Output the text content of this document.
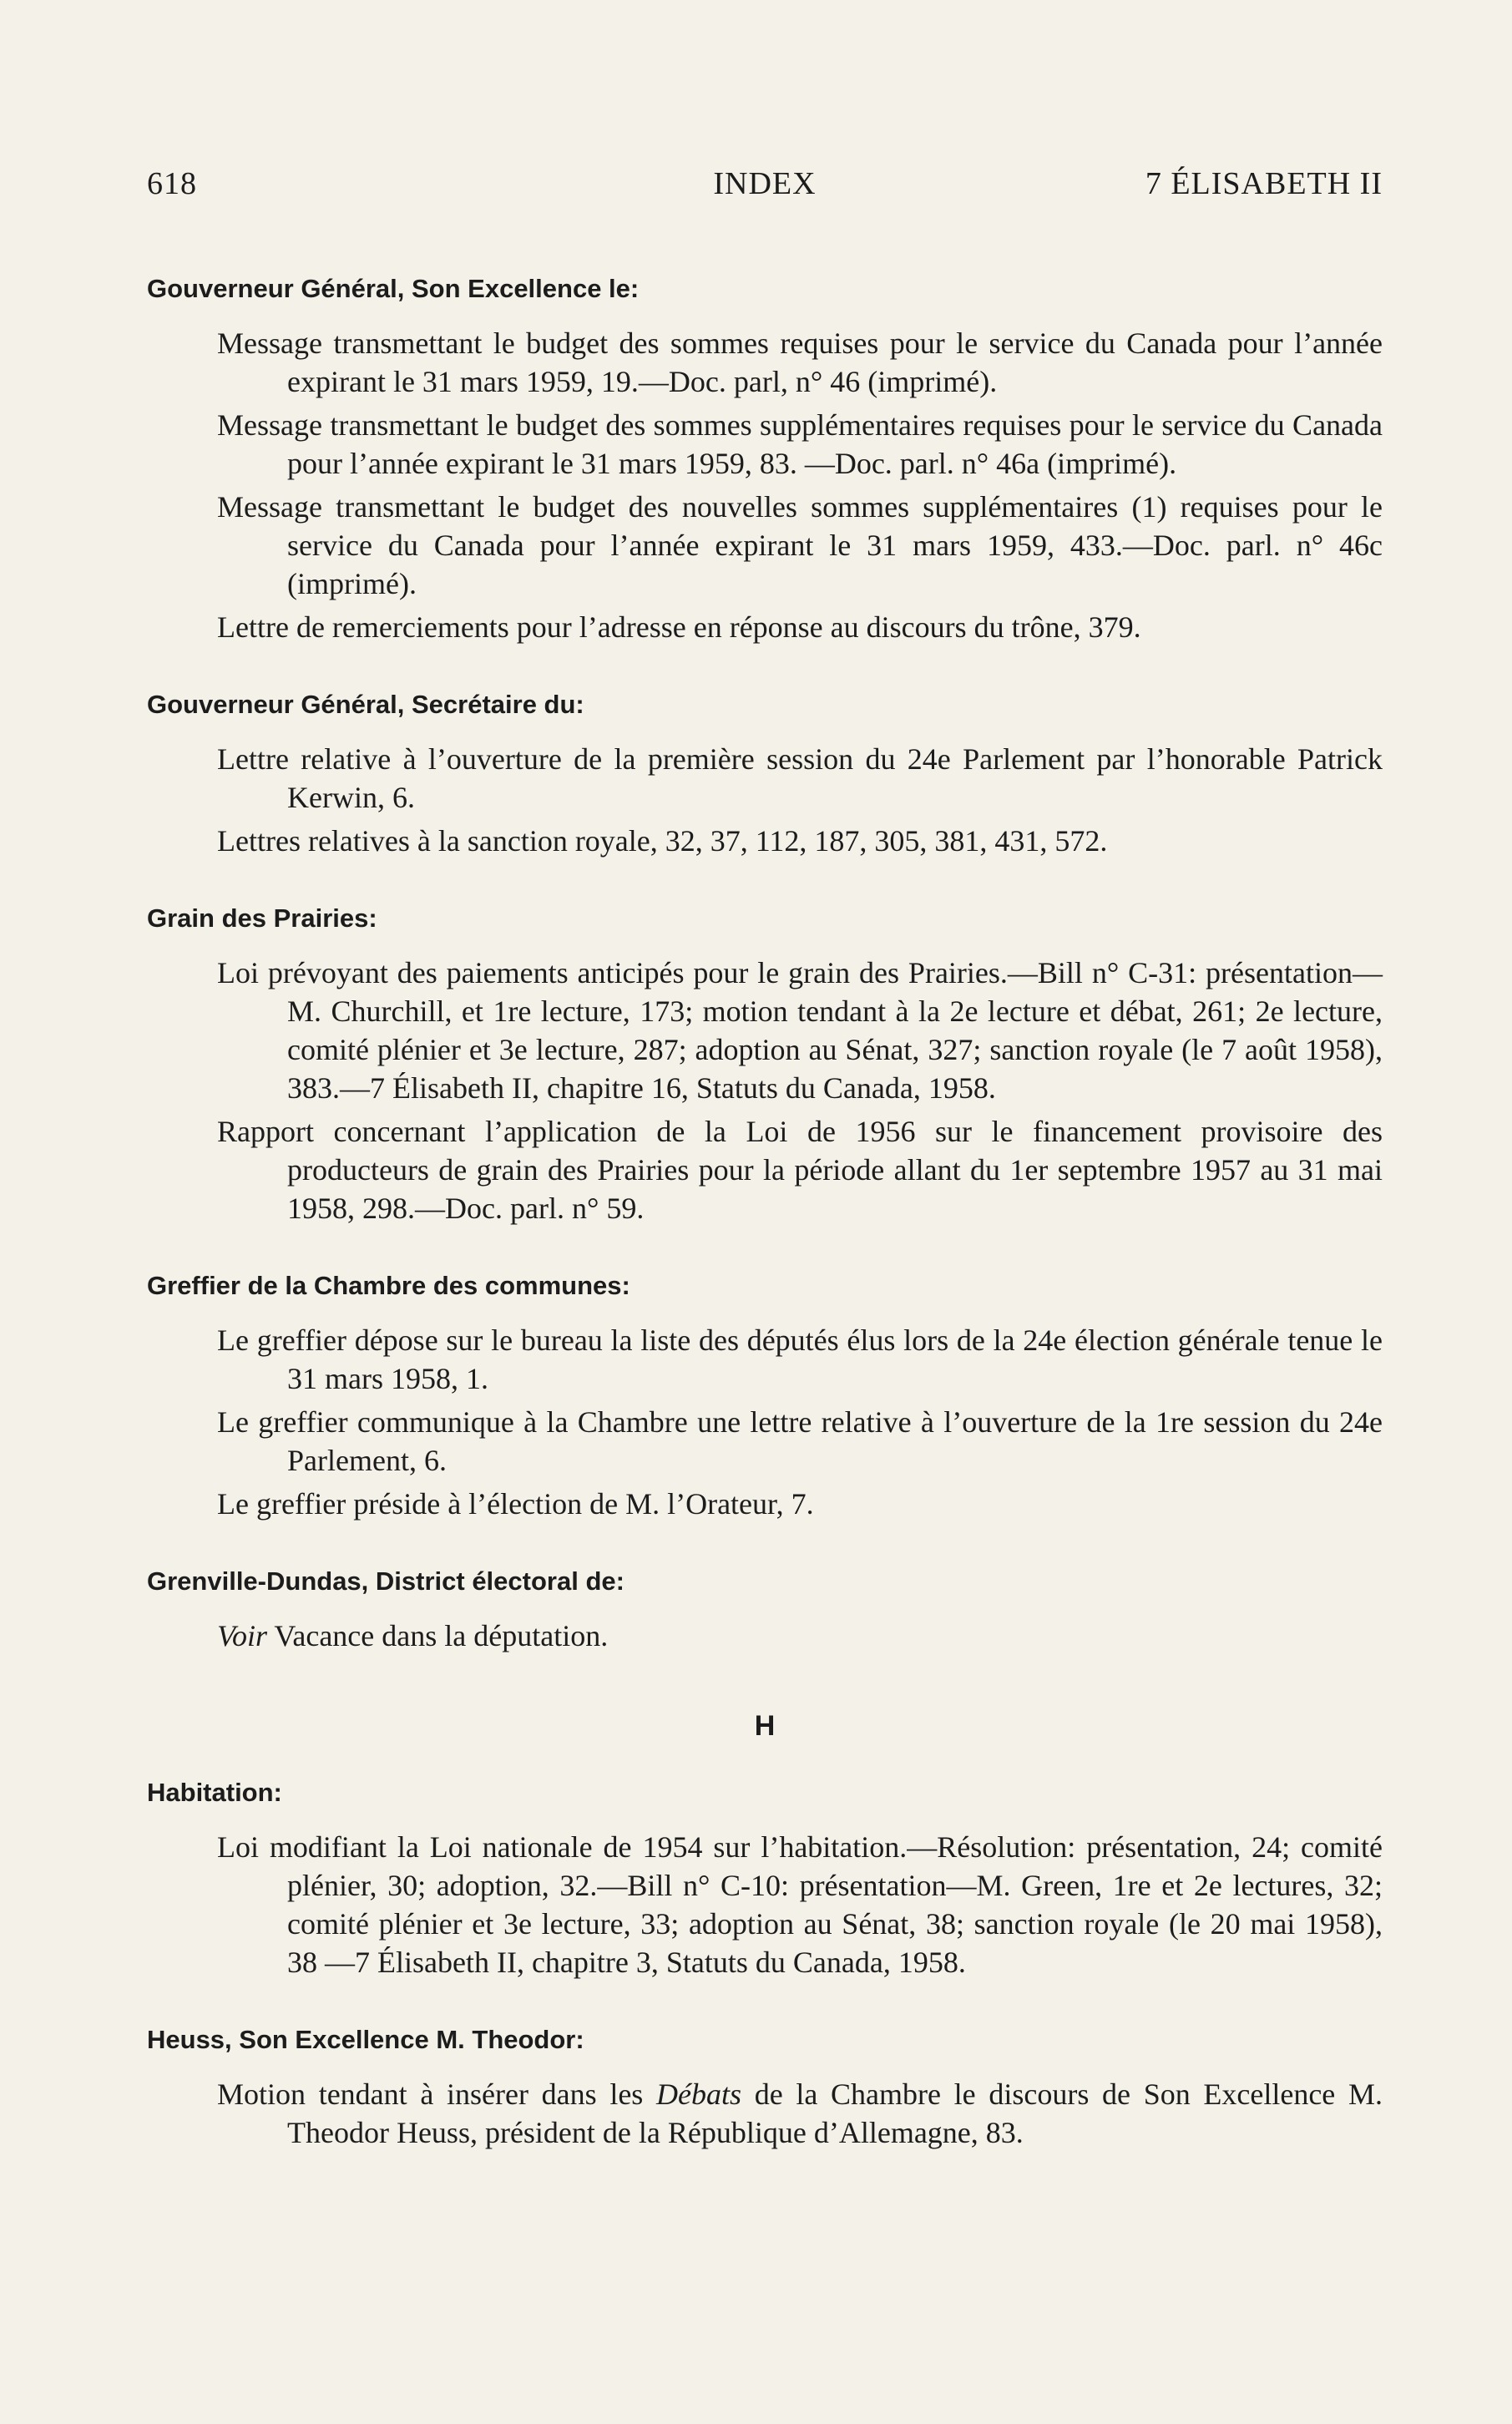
618	INDEX	7 ÉLISABETH II
Gouverneur Général, Son Excellence le:
Message transmettant le budget des sommes requises pour le service du Canada pour l’année expirant le 31 mars 1959, 19.—Doc. parl, n° 46 (imprimé).
Message transmettant le budget des sommes supplémentaires requises pour le service du Canada pour l’année expirant le 31 mars 1959, 83. —Doc. parl. n° 46a (imprimé).
Message transmettant le budget des nouvelles sommes supplémentaires (1) requises pour le service du Canada pour l’année expirant le 31 mars 1959, 433.—Doc. parl. n° 46c (imprimé).
Lettre de remerciements pour l’adresse en réponse au discours du trône, 379.
Gouverneur Général, Secrétaire du:
Lettre relative à l’ouverture de la première session du 24e Parlement par l’honorable Patrick Kerwin, 6.
Lettres relatives à la sanction royale, 32, 37, 112, 187, 305, 381, 431, 572.
Grain des Prairies:
Loi prévoyant des paiements anticipés pour le grain des Prairies.—Bill n° C-31: présentation—M. Churchill, et 1re lecture, 173; motion tendant à la 2e lecture et débat, 261; 2e lecture, comité plénier et 3e lecture, 287; adoption au Sénat, 327; sanction royale (le 7 août 1958), 383.—7 Élisabeth II, chapitre 16, Statuts du Canada, 1958.
Rapport concernant l’application de la Loi de 1956 sur le financement provisoire des producteurs de grain des Prairies pour la période allant du 1er septembre 1957 au 31 mai 1958, 298.—Doc. parl. n° 59.
Greffier de la Chambre des communes:
Le greffier dépose sur le bureau la liste des députés élus lors de la 24e élection générale tenue le 31 mars 1958, 1.
Le greffier communique à la Chambre une lettre relative à l’ouverture de la 1re session du 24e Parlement, 6.
Le greffier préside à l’élection de M. l’Orateur, 7.
Grenville-Dundas, District électoral de:
Voir Vacance dans la députation.
H
Habitation:
Loi modifiant la Loi nationale de 1954 sur l’habitation.—Résolution: présentation, 24; comité plénier, 30; adoption, 32.—Bill n° C-10: présentation—M. Green, 1re et 2e lectures, 32; comité plénier et 3e lecture, 33; adoption au Sénat, 38; sanction royale (le 20 mai 1958), 38 —7 Élisabeth II, chapitre 3, Statuts du Canada, 1958.
Heuss, Son Excellence M. Theodor:
Motion tendant à insérer dans les Débats de la Chambre le discours de Son Excellence M. Theodor Heuss, président de la République d’Allemagne, 83.
